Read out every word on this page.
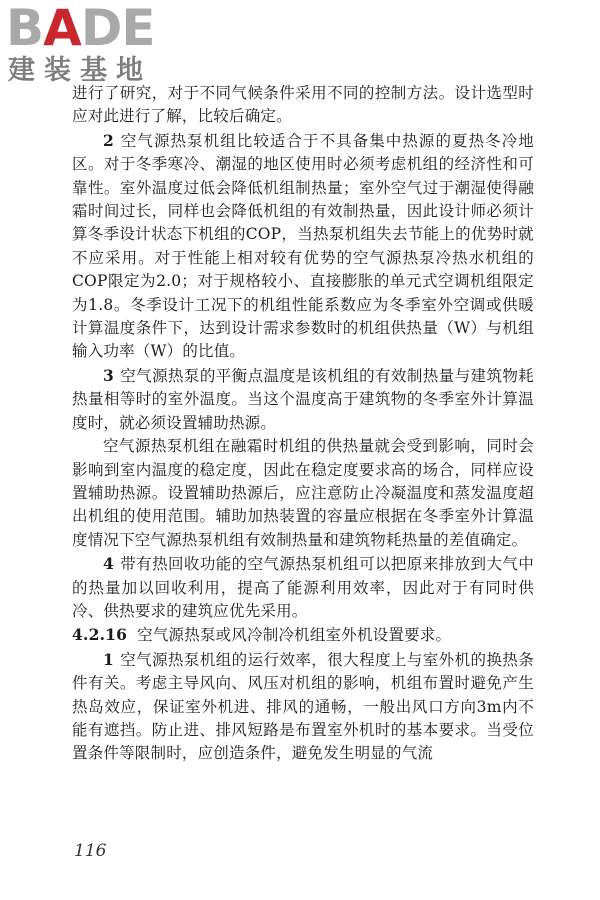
BADE
建装基地

进行了研究，对于不同气候条件采用不同的控制方法。设计选型时应对此进行了解，比较后确定。

2 空气源热泵机组比较适合于不具备集中热源的夏热冬冷地区。对于冬季寒冷、潮湿的地区使用时必须考虑机组的经济性和可靠性。室外温度过低会降低机组制热量；室外空气过于潮湿使得融霜时间过长，同样也会降低机组的有效制热量，因此设计师必须计算冬季设计状态下机组的COP，当热泵机组失去节能上的优势时就不应采用。对于性能上相对较有优势的空气源热泵冷热水机组的COP限定为2.0；对于规格较小、直接膨胀的单元式空调机组限定为1.8。冬季设计工况下的机组性能系数应为冬季室外空调或供暖计算温度条件下，达到设计需求参数时的机组供热量（W）与机组输入功率（W）的比值。

3 空气源热泵的平衡点温度是该机组的有效制热量与建筑物耗热量相等时的室外温度。当这个温度高于建筑物的冬季室外计算温度时，就必须设置辅助热源。

空气源热泵机组在融霜时机组的供热量就会受到影响，同时会影响到室内温度的稳定度，因此在稳定度要求高的场合，同样应设置辅助热源。设置辅助热源后，应注意防止冷凝温度和蒸发温度超出机组的使用范围。辅助加热装置的容量应根据在冬季室外计算温度情况下空气源热泵机组有效制热量和建筑物耗热量的差值确定。

4 带有热回收功能的空气源热泵机组可以把原来排放到大气中的热量加以回收利用，提高了能源利用效率，因此对于有同时供冷、供热要求的建筑应优先采用。

4.2.16 空气源热泵或风冷制冷机组室外机设置要求。

1 空气源热泵机组的运行效率，很大程度上与室外机的换热条件有关。考虑主导风向、风压对机组的影响，机组布置时避免产生热岛效应，保证室外机进、排风的通畅，一般出风口方向3m内不能有遮挡。防止进、排风短路是布置室外机时的基本要求。当受位置条件等限制时，应创造条件，避免发生明显的气流

116
